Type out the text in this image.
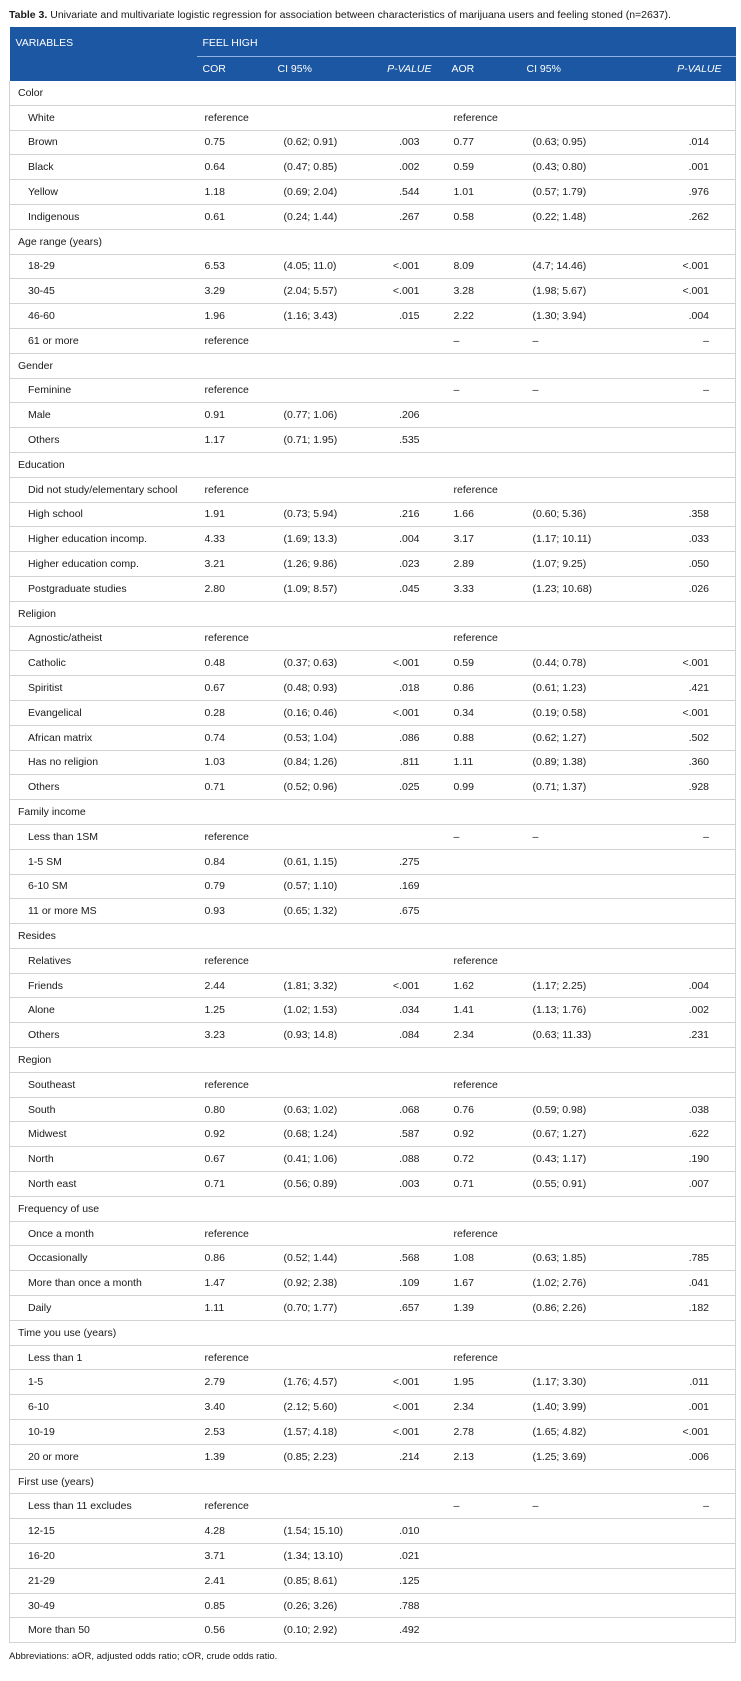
Table 3. Univariate and multivariate logistic regression for association between characteristics of marijuana users and feeling stoned (n=2637).
VARIABLES	FEEL HIGH					
	COR	CI 95%	P-VALUE	AOR	CI 95%	P-VALUE
Color						
White	reference			reference		
Brown	0.75	(0.62; 0.91)	.003	0.77	(0.63; 0.95)	.014
Black	0.64	(0.47; 0.85)	.002	0.59	(0.43; 0.80)	.001
Yellow	1.18	(0.69; 2.04)	.544	1.01	(0.57; 1.79)	.976
Indigenous	0.61	(0.24; 1.44)	.267	0.58	(0.22; 1.48)	.262
Age range (years)						
18-29	6.53	(4.05; 11.0)	<.001	8.09	(4.7; 14.46)	<.001
30-45	3.29	(2.04; 5.57)	<.001	3.28	(1.98; 5.67)	<.001
46-60	1.96	(1.16; 3.43)	.015	2.22	(1.30; 3.94)	.004
61 or more	reference			–	–	–
Gender						
Feminine	reference			–	–	–
Male	0.91	(0.77; 1.06)	.206			
Others	1.17	(0.71; 1.95)	.535			
Education						
Did not study/elementary school	reference			reference		
High school	1.91	(0.73; 5.94)	.216	1.66	(0.60; 5.36)	.358
Higher education incomp.	4.33	(1.69; 13.3)	.004	3.17	(1.17; 10.11)	.033
Higher education comp.	3.21	(1.26; 9.86)	.023	2.89	(1.07; 9.25)	.050
Postgraduate studies	2.80	(1.09; 8.57)	.045	3.33	(1.23; 10.68)	.026
Religion						
Agnostic/atheist	reference			reference		
Catholic	0.48	(0.37; 0.63)	<.001	0.59	(0.44; 0.78)	<.001
Spiritist	0.67	(0.48; 0.93)	.018	0.86	(0.61; 1.23)	.421
Evangelical	0.28	(0.16; 0.46)	<.001	0.34	(0.19; 0.58)	<.001
African matrix	0.74	(0.53; 1.04)	.086	0.88	(0.62; 1.27)	.502
Has no religion	1.03	(0.84; 1.26)	.811	1.11	(0.89; 1.38)	.360
Others	0.71	(0.52; 0.96)	.025	0.99	(0.71; 1.37)	.928
Family income						
Less than 1SM	reference			–	–	–
1-5 SM	0.84	(0.61, 1.15)	.275			
6-10 SM	0.79	(0.57; 1.10)	.169			
11 or more MS	0.93	(0.65; 1.32)	.675			
Resides						
Relatives	reference			reference		
Friends	2.44	(1.81; 3.32)	<.001	1.62	(1.17; 2.25)	.004
Alone	1.25	(1.02; 1.53)	.034	1.41	(1.13; 1.76)	.002
Others	3.23	(0.93; 14.8)	.084	2.34	(0.63; 11.33)	.231
Region						
Southeast	reference			reference		
South	0.80	(0.63; 1.02)	.068	0.76	(0.59; 0.98)	.038
Midwest	0.92	(0.68; 1.24)	.587	0.92	(0.67; 1.27)	.622
North	0.67	(0.41; 1.06)	.088	0.72	(0.43; 1.17)	.190
North east	0.71	(0.56; 0.89)	.003	0.71	(0.55; 0.91)	.007
Frequency of use						
Once a month	reference			reference		
Occasionally	0.86	(0.52; 1.44)	.568	1.08	(0.63; 1.85)	.785
More than once a month	1.47	(0.92; 2.38)	.109	1.67	(1.02; 2.76)	.041
Daily	1.11	(0.70; 1.77)	.657	1.39	(0.86; 2.26)	.182
Time you use (years)						
Less than 1	reference			reference		
1-5	2.79	(1.76; 4.57)	<.001	1.95	(1.17; 3.30)	.011
6-10	3.40	(2.12; 5.60)	<.001	2.34	(1.40; 3.99)	.001
10-19	2.53	(1.57; 4.18)	<.001	2.78	(1.65; 4.82)	<.001
20 or more	1.39	(0.85; 2.23)	.214	2.13	(1.25; 3.69)	.006
First use (years)						
Less than 11 excludes	reference			–	–	–
12-15	4.28	(1.54; 15.10)	.010			
16-20	3.71	(1.34; 13.10)	.021			
21-29	2.41	(0.85; 8.61)	.125			
30-49	0.85	(0.26; 3.26)	.788			
More than 50	0.56	(0.10; 2.92)	.492			
Abbreviations: aOR, adjusted odds ratio; cOR, crude odds ratio.
